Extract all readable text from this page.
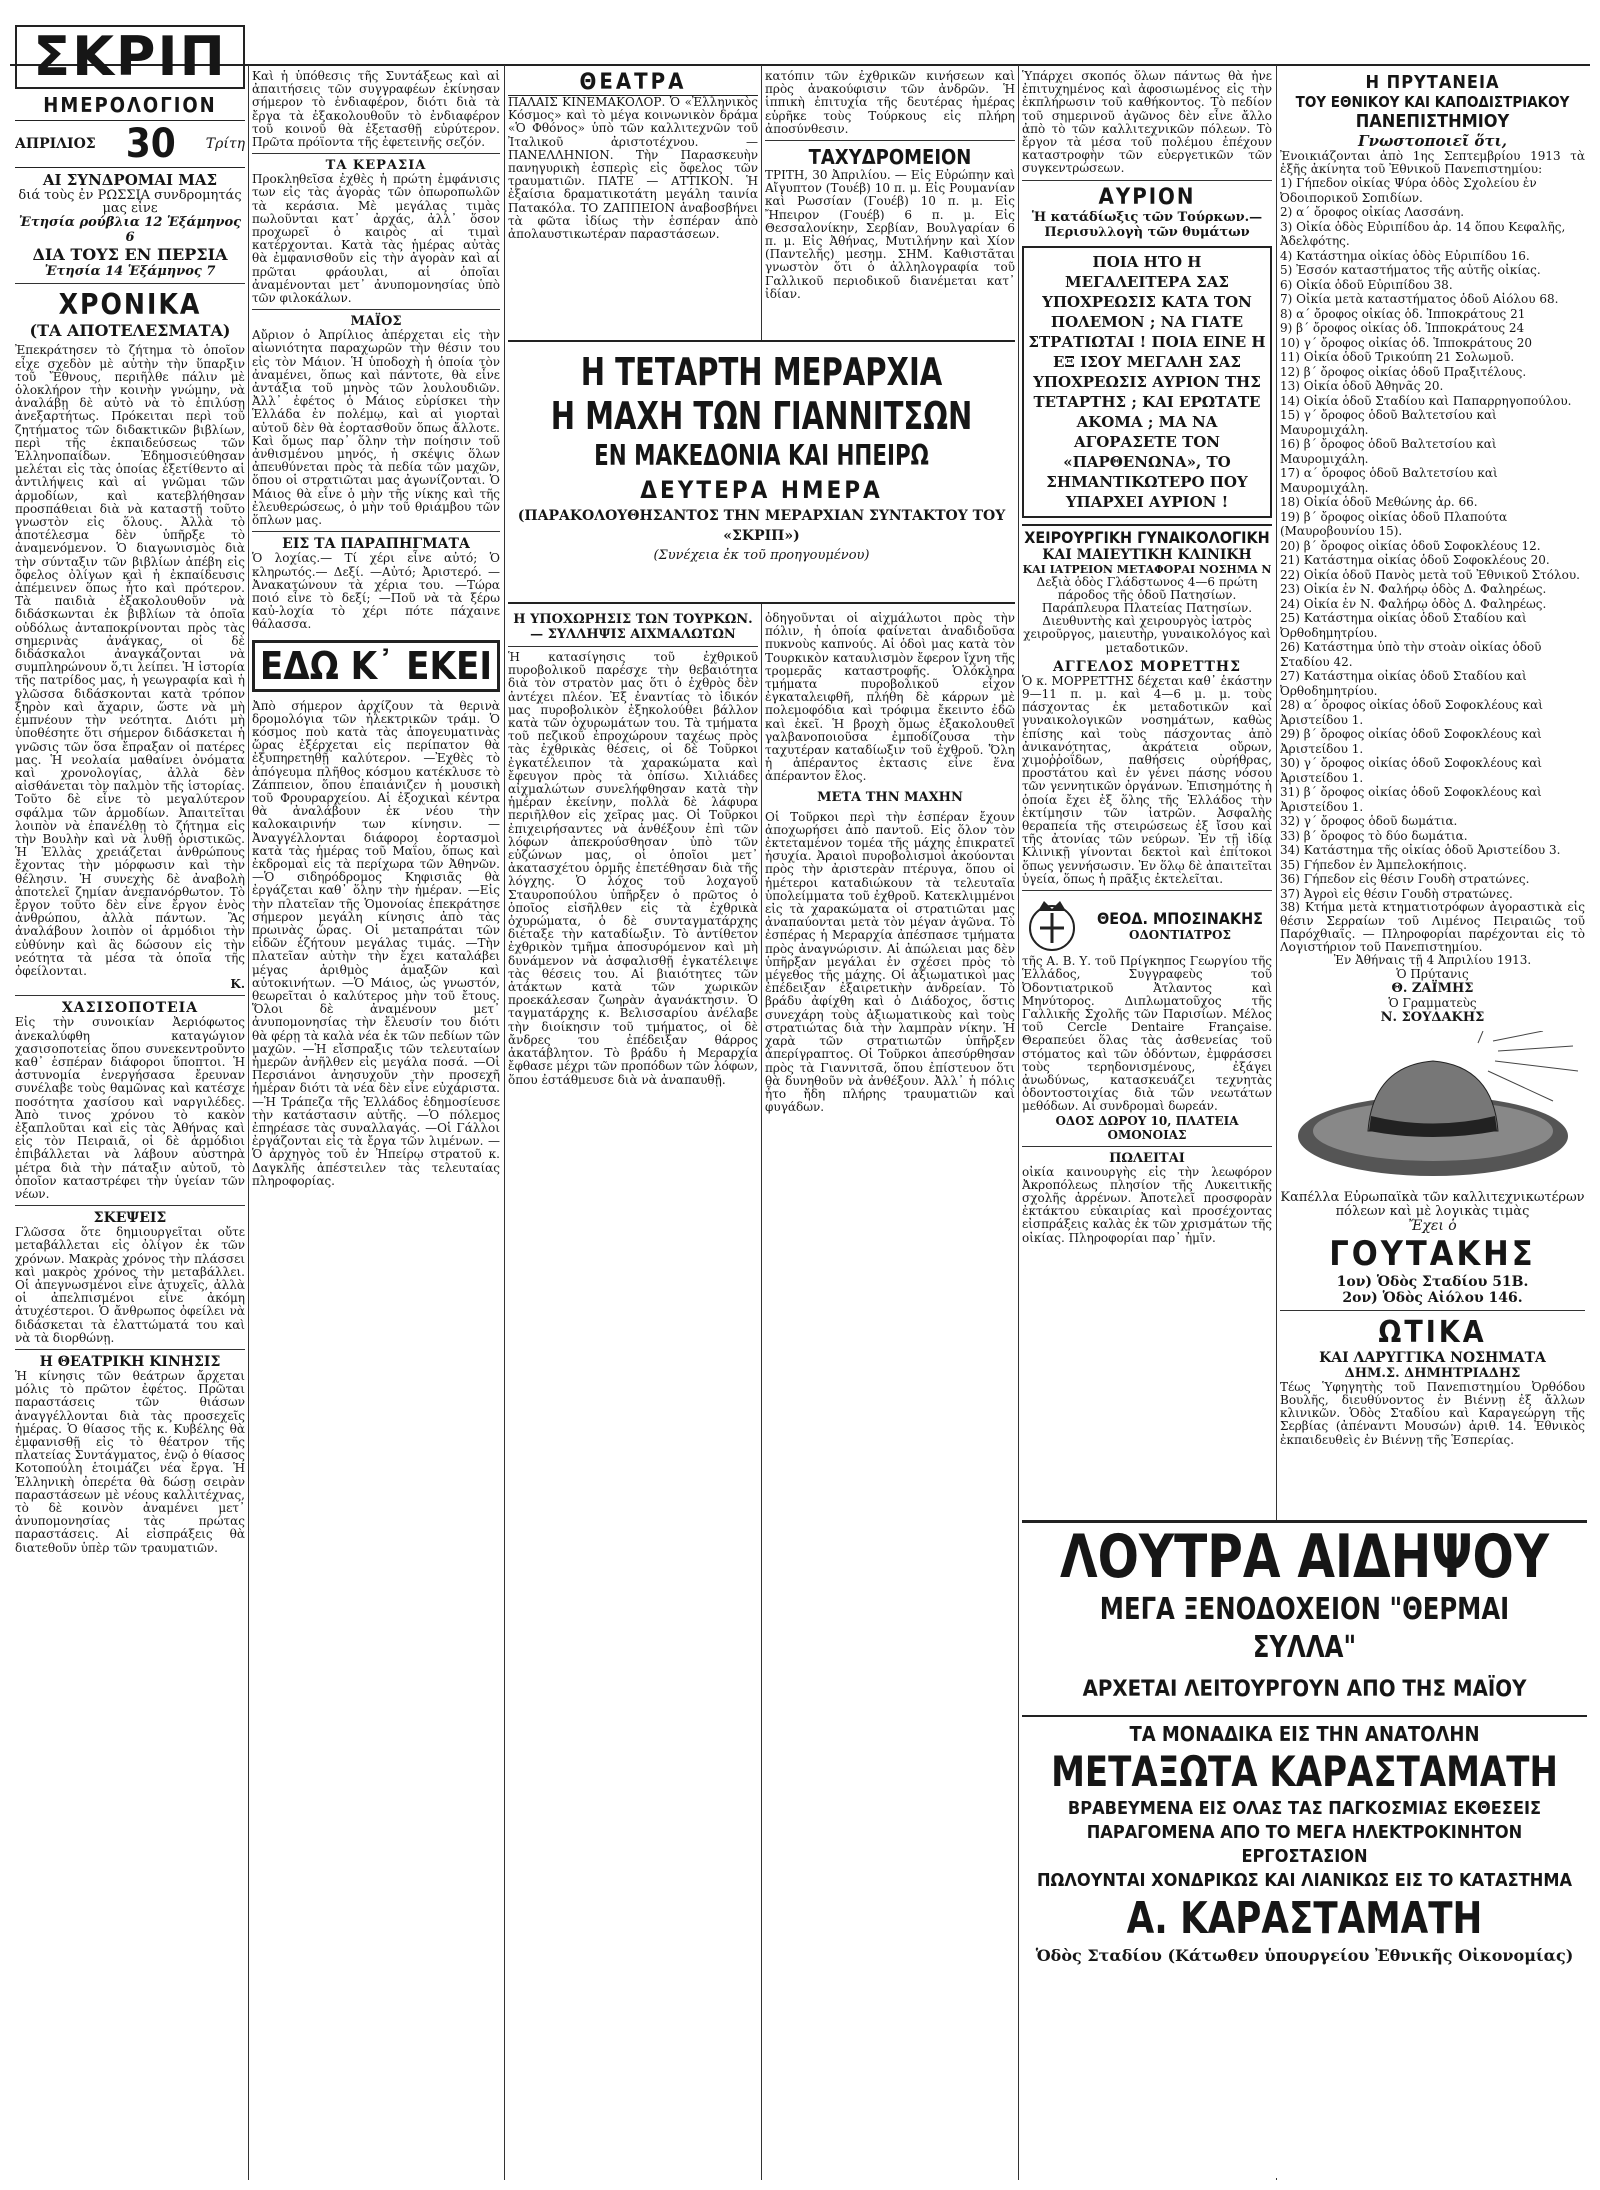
ΣΚΡΙΠ

ΗΜΕΡΟΛΟΓΙΟΝ

ΑΠΡΙΛΙΟΣ 30 Τρίτη

ΑΙ ΣΥΝΔΡΟΜΑΙ ΜΑΣ

διά τοὺς ἐν ΡΩΣΣΙΑ συνδρομητάς μας εἶνε

Ἐτησία ρούβλια 12 Ἑξάμηνος 6

ΔΙΑ ΤΟΥΣ ΕΝ ΠΕΡΣΙΑ

Ἐτησία 14 Ἑξάμηνος 7

ΧΡΟΝΙΚΑ

(ΤΑ ΑΠΟΤΕΛΕΣΜΑΤΑ)

Ἐπεκράτησεν τὸ ζήτημα τὸ ὁποῖον εἶχε σχεδὸν μὲ αὐτὴν τὴν ὕπαρξιν τοῦ Ἔθνους, περιῆλθε πάλιν μὲ ὁλοκλήρον τὴν κοινὴν γνώμην, νὰ ἀναλάβῃ δὲ αὐτὸ νὰ τὸ ἐπιλύσῃ ἀνεξαρτήτως. Πρόκειται περὶ τοῦ ζητήματος τῶν διδακτικῶν βιβλίων, περὶ τῆς ἐκπαιδεύσεως τῶν Ἑλληνοπαίδων. Ἐδημοσιεύθησαν μελέται εἰς τὰς ὁποίας ἐξετίθεντο αἱ ἀντιλήψεις καὶ αἱ γνῶμαι τῶν ἁρμοδίων, καὶ κατεβλήθησαν προσπάθειαι διὰ νὰ καταστῇ τοῦτο γνωστὸν εἰς ὅλους. Ἀλλὰ τὸ ἀποτέλεσμα δὲν ὑπῆρξε τὸ ἀναμενόμενον. Ὁ διαγωνισμὸς διὰ τὴν σύνταξιν τῶν βιβλίων ἀπέβη εἰς ὄφελος ὀλίγων καὶ ἡ ἐκπαίδευσις ἀπέμεινεν ὅπως ἦτο καὶ πρότερον. Τὰ παιδιὰ ἐξακολουθοῦν νὰ διδάσκωνται ἐκ βιβλίων τὰ ὁποῖα οὐδόλως ἀνταποκρίνονται πρὸς τὰς σημερινὰς ἀνάγκας, οἱ δὲ διδάσκαλοι ἀναγκάζονται νὰ συμπληρώνουν ὅ,τι λείπει. Ἡ ἱστορία τῆς πατρίδος μας, ἡ γεωγραφία καὶ ἡ γλῶσσα διδάσκονται κατὰ τρόπον ξηρὸν καὶ ἄχαριν, ὥστε νὰ μὴ ἐμπνέουν τὴν νεότητα. Διότι μὴ ὑποθέσητε ὅτι σήμερον διδάσκεται ἡ γνῶσις τῶν ὅσα ἔπραξαν οἱ πατέρες μας. Ἡ νεολαία μαθαίνει ὀνόματα καὶ χρονολογίας, ἀλλὰ δὲν αἰσθάνεται τὸν παλμὸν τῆς ἱστορίας. Τοῦτο δὲ εἶνε τὸ μεγαλύτερον σφάλμα τῶν ἁρμοδίων. Ἀπαιτεῖται λοιπὸν νὰ ἐπανέλθῃ τὸ ζήτημα εἰς τὴν Βουλὴν καὶ νὰ λυθῇ ὁριστικῶς. Ἡ Ἑλλὰς χρειάζεται ἀνθρώπους ἔχοντας τὴν μόρφωσιν καὶ τὴν θέλησιν. Ἡ συνεχὴς δὲ ἀναβολὴ ἀποτελεῖ ζημίαν ἀνεπανόρθωτον. Τὸ ἔργον τοῦτο δὲν εἶνε ἔργον ἑνὸς ἀνθρώπου, ἀλλὰ πάντων. Ἂς ἀναλάβουν λοιπὸν οἱ ἁρμόδιοι τὴν εὐθύνην καὶ ἂς δώσουν εἰς τὴν νεότητα τὰ μέσα τὰ ὁποῖα τῆς ὀφείλονται.

Κ.

ΧΑΣΙΣΟΠΟΤΕΙΑ

Εἰς τὴν συνοικίαν Ἀεριόφωτος ἀνεκαλύφθη καταγώγιον χασισοποτείας ὅπου συνεκεντροῦντο καθ᾿ ἑσπέραν διάφοροι ὕποπτοι. Ἡ ἀστυνομία ἐνεργήσασα ἔρευναν συνέλαβε τοὺς θαμῶνας καὶ κατέσχε ποσότητα χασίσου καὶ ναργιλέδες. Ἀπὸ τινος χρόνου τὸ κακὸν ἐξαπλοῦται καὶ εἰς τὰς Ἀθήνας καὶ εἰς τὸν Πειραιᾶ, οἱ δὲ ἁρμόδιοι ἐπιβάλλεται νὰ λάβουν αὐστηρὰ μέτρα διὰ τὴν πάταξιν αὐτοῦ, τὸ ὁποῖον καταστρέφει τὴν ὑγείαν τῶν νέων.

ΣΚΕΨΕΙΣ

Γλῶσσα ὅτε δημιουργεῖται οὔτε μεταβάλλεται εἰς ὀλίγον ἐκ τῶν χρόνων. Μακρὰς χρόνος τὴν πλάσσει καὶ μακρὸς χρόνος τὴν μεταβάλλει. Οἱ ἀπεγνωσμένοι εἶνε ἀτυχεῖς, ἀλλὰ οἱ ἀπελπισμένοι εἶνε ἀκόμη ἀτυχέστεροι. Ὁ ἄνθρωπος ὀφείλει νὰ διδάσκεται τὰ ἐλαττώματά του καὶ νὰ τὰ διορθώνῃ.

Η ΘΕΑΤΡΙΚΗ ΚΙΝΗΣΙΣ

Ἡ κίνησις τῶν θεάτρων ἄρχεται μόλις τὸ πρῶτον ἐφέτος. Πρῶται παραστάσεις τῶν θιάσων ἀναγγέλλονται διὰ τὰς προσεχεῖς ἡμέρας. Ὁ θίασος τῆς κ. Κυβέλης θὰ ἐμφανισθῇ εἰς τὸ θέατρον τῆς πλατείας Συντάγματος, ἐνῷ ὁ θίασος Κοτοπούλη ἑτοιμάζει νέα ἔργα. Ἡ Ἑλληνικὴ ὀπερέτα θὰ δώσῃ σειρὰν παραστάσεων μὲ νέους καλλιτέχνας, τὸ δὲ κοινὸν ἀναμένει μετ᾿ ἀνυπομονησίας τὰς πρώτας παραστάσεις. Αἱ εἰσπράξεις θὰ διατεθοῦν ὑπὲρ τῶν τραυματιῶν.

Καὶ ἡ ὑπόθεσις τῆς Συντάξεως καὶ αἱ ἀπαιτήσεις τῶν συγγραφέων ἐκίνησαν σήμερον τὸ ἐνδιαφέρον, διότι διὰ τὰ ἔργα τὰ ἐξακολουθοῦν τὸ ἐνδιαφέρον τοῦ κοινοῦ θὰ ἐξετασθῇ εὐρύτερον. Πρῶτα πρόϊοντα τῆς ἐφετεινῆς σεζόν.

ΤΑ ΚΕΡΑΣΙΑ

Προκληθεῖσα ἐχθὲς ἡ πρώτη ἐμφάνισις των εἰς τὰς ἀγορὰς τῶν ὀπωροπωλῶν τὰ κεράσια. Μὲ μεγάλας τιμὰς πωλοῦνται κατ᾿ ἀρχάς, ἀλλ᾿ ὅσον προχωρεῖ ὁ καιρὸς αἱ τιμαὶ κατέρχονται. Κατὰ τὰς ἡμέρας αὐτὰς θὰ ἐμφανισθοῦν εἰς τὴν ἀγορὰν καὶ αἱ πρῶται φράουλαι, αἱ ὁποῖαι ἀναμένονται μετ᾿ ἀνυπομονησίας ὑπὸ τῶν φιλοκάλων.

ΜΑΪΟΣ

Αὔριον ὁ Ἀπρίλιος ἀπέρχεται εἰς τὴν αἰωνιότητα παραχωρῶν τὴν θέσιν του εἰς τὸν Μάιον. Ἡ ὑποδοχὴ ἡ ὁποία τὸν ἀναμένει, ὅπως καὶ πάντοτε, θὰ εἶνε ἀντάξια τοῦ μηνὸς τῶν λουλουδιῶν. Ἀλλ᾿ ἐφέτος ὁ Μάιος εὑρίσκει τὴν Ἑλλάδα ἐν πολέμῳ, καὶ αἱ γιορταὶ αὐτοῦ δὲν θὰ ἑορτασθοῦν ὅπως ἄλλοτε. Καὶ ὅμως παρ᾿ ὅλην τὴν ποίησιν τοῦ ἀνθισμένου μηνός, ἡ σκέψις ὅλων ἀπευθύνεται πρὸς τὰ πεδία τῶν μαχῶν, ὅπου οἱ στρατιῶται μας ἀγωνίζονται. Ὁ Μάιος θὰ εἶνε ὁ μὴν τῆς νίκης καὶ τῆς ἐλευθερώσεως, ὁ μὴν τοῦ θριάμβου τῶν ὅπλων μας.

ΕΙΣ ΤΑ ΠΑΡΑΠΗΓΜΑΤΑ

Ὁ λοχίας.— Τί χέρι εἶνε αὐτό; Ὁ κληρωτός.— Δεξί. —Αὐτό; Ἀριστερό. —Ἀνακατώνουν τὰ χέρια του. —Τώρα ποιό εἶνε τὸ δεξί; —Ποῦ νὰ τὰ ξέρω καὐ-λοχία τὸ χέρι πότε πάχαινε θάλασσα.

ΕΔΩ Κ᾿ ΕΚΕΙ

Ἀπὸ σήμερον ἀρχίζουν τὰ θερινὰ δρομολόγια τῶν ἠλεκτρικῶν τράμ. Ὁ κόσμος ποὺ κατὰ τὰς ἀπογευματινὰς ὥρας ἐξέρχεται εἰς περίπατον θὰ ἐξυπηρετηθῇ καλύτερον. —Ἐχθὲς τὸ ἀπόγευμα πλῆθος κόσμου κατέκλυσε τὸ Ζάππειον, ὅπου ἐπαιάνιζεν ἡ μουσικὴ τοῦ Φρουραρχείου. Αἱ ἐξοχικαὶ κέντρα θὰ ἀναλάβουν ἐκ νέου τὴν καλοκαιρινήν των κίνησιν. —Ἀναγγέλλονται διάφοροι ἐορτασμοὶ κατὰ τὰς ἡμέρας τοῦ Μαΐου, ὅπως καὶ ἐκδρομαὶ εἰς τὰ περίχωρα τῶν Ἀθηνῶν. —Ὁ σιδηρόδρομος Κηφισιᾶς θὰ ἐργάζεται καθ᾿ ὅλην τὴν ἡμέραν. —Εἰς τὴν πλατεῖαν τῆς Ὁμονοίας ἐπεκράτησε σήμερον μεγάλη κίνησις ἀπὸ τὰς πρωινὰς ὥρας. Οἱ μεταπράται τῶν εἰδῶν ἐζήτουν μεγάλας τιμάς. —Τὴν πλατεῖαν αὐτὴν τὴν ἔχει καταλάβει μέγας ἀριθμὸς ἁμαξῶν καὶ αὐτοκινήτων. —Ὁ Μάιος, ὡς γνωστόν, θεωρεῖται ὁ καλύτερος μὴν τοῦ ἔτους. Ὅλοι δὲ ἀναμένουν μετ᾿ ἀνυπομονησίας τὴν ἔλευσίν του διότι θὰ φέρῃ τὰ καλὰ νέα ἐκ τῶν πεδίων τῶν μαχῶν. —Ἡ εἴσπραξις τῶν τελευταίων ἡμερῶν ἀνῆλθεν εἰς μεγάλα ποσά. —Οἱ Περσιάνοι ἀνησυχοῦν τὴν προσεχῆ ἡμέραν διότι τὰ νέα δὲν εἶνε εὐχάριστα. —Ἡ Τράπεζα τῆς Ἑλλάδος ἐδημοσίευσε τὴν κατάστασιν αὐτῆς. —Ὁ πόλεμος ἐπηρέασε τὰς συναλλαγάς. —Οἱ Γάλλοι ἐργάζονται εἰς τὰ ἔργα τῶν λιμένων. —Ὁ ἀρχηγὸς τοῦ ἐν Ἠπείρῳ στρατοῦ κ. Δαγκλῆς ἀπέστειλεν τὰς τελευταίας πληροφορίας.

ΘΕΑΤΡΑ

ΠΑΛΑΙΣ ΚΙΝΕΜΑΚΟΛΟΡ. Ὁ «Ἐλληνικὸς Κόσμος» καὶ τὸ μέγα κοινωνικὸν δράμα «Ὁ Φθόνος» ὑπὸ τῶν καλλιτεχνῶν τοῦ Ἰταλικοῦ ἀριστοτέχνου. —ΠΑΝΕΛΛΗΝΙΟΝ. Τὴν Παρασκευὴν πανηγυρικὴ ἑσπερὶς εἰς ὄφελος τῶν τραυματιῶν. ΠΑΤΕ — ΑΤΤΙΚΟΝ. Ἡ ἐξαίσια δραματικοτάτη μεγάλη ταινία Πατακόλα. ΤΟ ΖΑΠΠΕΙΟΝ ἀναβοσβήνει τὰ φῶτα ἰδίως τὴν ἑσπέραν ἀπὸ ἀπολαυστικωτέραν παραστάσεων.

κατόπιν τῶν ἐχθρικῶν κινήσεων καὶ πρὸς ἀνακούφισιν τῶν ἀνδρῶν. Ἡ ἱππικὴ ἐπιτυχία τῆς δευτέρας ἡμέρας εὑρῆκε τοὺς Τούρκους εἰς πλήρη ἀποσύνθεσιν.

ΤΑΧΥΔΡΟΜΕΙΟΝ

ΤΡΙΤΗ, 30 Ἀπριλίου. — Εἰς Εὐρώπην καὶ Αἴγυπτον (Τουέβ) 10 π. μ. Εἰς Ρουμανίαν καὶ Ρωσσίαν (Γουέβ) 10 π. μ. Εἰς Ἤπειρον (Γουέβ) 6 π. μ. Εἰς Θεσσαλονίκην, Σερβίαν, Βουλγαρίαν 6 π. μ. Εἰς Ἀθήνας, Μυτιλήνην καὶ Χίον (Παντελῆς) μεσημ. ΣΗΜ. Καθιστᾶται γνωστὸν ὅτι ὁ ἀλληλογραφία τοῦ Γαλλικοῦ περιοδικοῦ διανέμεται κατ᾿ ἰδίαν.

Η ΤΕΤΑΡΤΗ ΜΕΡΑΡΧΙΑ

Η ΜΑΧΗ ΤΩΝ ΓΙΑΝΝΙΤΣΩΝ

ΕΝ ΜΑΚΕΔΟΝΙΑ ΚΑΙ ΗΠΕΙΡΩ

ΔΕΥΤΕΡΑ ΗΜΕΡΑ

(ΠΑΡΑΚΟΛΟΥΘΗΣΑΝΤΟΣ ΤΗΝ ΜΕΡΑΡΧΙΑΝ ΣΥΝΤΑΚΤΟΥ ΤΟΥ «ΣΚΡΙΠ»)

(Συνέχεια ἐκ τοῦ προηγουμένου)

Η ΥΠΟΧΩΡΗΣΙΣ ΤΩΝ ΤΟΥΡΚΩΝ.— ΣΥΛΛΗΨΙΣ ΑΙΧΜΑΛΩΤΩΝ

Ἡ κατασίγησις τοῦ ἐχθρικοῦ πυροβολικοῦ παρέσχε τὴν θεβαιότητα διὰ τὸν στρατὸν μας ὅτι ὁ ἐχθρὸς δὲν ἀντέχει πλέον. Ἐξ ἐναντίας τὸ ἰδικόν μας πυροβολικὸν ἐξηκολούθει βάλλον κατὰ τῶν ὀχυρωμάτων του. Τὰ τμήματα τοῦ πεζικοῦ ἐπροχώρουν ταχέως πρὸς τὰς ἐχθρικὰς θέσεις, οἱ δὲ Τοῦρκοι ἐγκατέλειπον τὰ χαρακώματα καὶ ἔφευγον πρὸς τὰ ὀπίσω. Χιλιάδες αἰχμαλώτων συνελήφθησαν κατὰ τὴν ἡμέραν ἐκείνην, πολλὰ δὲ λάφυρα περιῆλθον εἰς χεῖρας μας. Οἱ Τοῦρκοι ἐπιχειρήσαντες νὰ ἀνθέξουν ἐπὶ τῶν λόφων ἀπεκρούσθησαν ὑπὸ τῶν εὐζώνων μας, οἱ ὁποῖοι μετ᾿ ἀκατασχέτου ὁρμῆς ἐπετέθησαν διὰ τῆς λόγχης. Ὁ λόχος τοῦ λοχαγοῦ Σταυροπούλου ὑπῆρξεν ὁ πρῶτος ὁ ὁποῖος εἰσῆλθεν εἰς τὰ ἐχθρικὰ ὀχυρώματα, ὁ δὲ συνταγματάρχης διέταξε τὴν καταδίωξιν. Τὸ ἀντίθετον ἐχθρικὸν τμῆμα ἀποσυρόμενον καὶ μὴ δυνάμενον νὰ ἀσφαλισθῇ ἐγκατέλειψε τὰς θέσεις του. Αἱ βιαιότητες τῶν ἀτάκτων κατὰ τῶν χωρικῶν προεκάλεσαν ζωηρὰν ἀγανάκτησιν. Ὁ ταγματάρχης κ. Βελισσαρίου ἀνέλαβε τὴν διοίκησιν τοῦ τμήματος, οἱ δὲ ἄνδρες του ἐπέδειξαν θάρρος ἀκατάβλητον. Τὸ βράδυ ἡ Μεραρχία ἔφθασε μέχρι τῶν προπόδων τῶν λόφων, ὅπου ἐστάθμευσε διὰ νὰ ἀναπαυθῇ.

ὀδηγοῦνται οἱ αἰχμάλωτοι πρὸς τὴν πόλιν, ἡ ὁποία φαίνεται ἀναδιδοῦσα πυκνοὺς καπνούς. Αἱ ὁδοὶ μας κατὰ τὸν Τουρκικὸν καταυλισμὸν ἔφερον ἴχνη τῆς τρομερᾶς καταστροφῆς. Ὁλόκληρα τμήματα πυροβολικοῦ εἶχον ἐγκαταλειφθῆ, πλήθη δὲ κάρρων μὲ πολεμοφόδια καὶ τρόφιμα ἔκειντο ἐδῶ καὶ ἐκεῖ. Ἡ βροχὴ ὅμως ἐξακολουθεῖ γαλβανοποιοῦσα ἐμποδίζουσα τὴν ταχυτέραν καταδίωξιν τοῦ ἐχθροῦ. Ὅλη ἡ ἀπέραντος ἐκτασις εἶνε ἕνα ἀπέραντον ἔλος.

ΜΕΤΑ ΤΗΝ ΜΑΧΗΝ

Οἱ Τοῦρκοι περὶ τὴν ἑσπέραν ἔχουν ἀποχωρήσει ἀπὸ παντοῦ. Εἰς ὅλον τὸν ἐκτεταμένον τομέα τῆς μάχης ἐπικρατεῖ ἡσυχία. Ἀραιοὶ πυροβολισμοὶ ἀκούονται πρὸς τὴν ἀριστερὰν πτέρυγα, ὅπου οἱ ἡμέτεροι καταδιώκουν τὰ τελευταῖα ὑπολείμματα τοῦ ἐχθροῦ. Κατεκλιμμένοι εἰς τὰ χαρακώματα οἱ στρατιῶται μας ἀναπαύονται μετὰ τὸν μέγαν ἀγῶνα. Τὸ ἐσπέρας ἡ Μεραρχία ἀπέσπασε τμήματα πρὸς ἀναγνώρισιν. Αἱ ἀπώλειαι μας δὲν ὑπῆρξαν μεγάλαι ἐν σχέσει πρὸς τὸ μέγεθος τῆς μάχης. Οἱ ἀξιωματικοὶ μας ἐπέδειξαν ἐξαιρετικὴν ἀνδρείαν. Τὸ βράδυ ἀφίχθη καὶ ὁ Διάδοχος, ὅστις συνεχάρη τοὺς ἀξιωματικοὺς καὶ τοὺς στρατιώτας διὰ τὴν λαμπρὰν νίκην. Ἡ χαρὰ τῶν στρατιωτῶν ὑπῆρξεν ἀπερίγραπτος. Οἱ Τοῦρκοι ἀπεσύρθησαν πρὸς τὰ Γιαννιτσᾶ, ὅπου ἐπίστευον ὅτι θὰ δυνηθοῦν νὰ ἀνθέξουν. Ἀλλ᾿ ἡ πόλις ἦτο ἤδη πλήρης τραυματιῶν καὶ φυγάδων.

Ὑπάρχει σκοπός ὅλων πάντως θὰ ἦνε ἐπιτυχημένος καὶ ἀφοσιωμένος εἰς τὴν ἐκπλήρωσιν τοῦ καθήκοντος. Τὸ πεδίον τοῦ σημερινοῦ ἀγῶνος δὲν εἶνε ἄλλο ἀπὸ τὸ τῶν καλλιτεχνικῶν πόλεων. Τὸ ἔργον τὰ μέσα τοῦ πολέμου ἐπέχουν καταστροφὴν τῶν εὐεργετικῶν τῶν συγκεντρώσεων.

ΑΥΡΙΟΝ

Ἡ κατάδίωξις τῶν Τούρκων.— Περισυλλογὴ τῶν θυμάτων

ΠΟΙΑ ΗΤΟ Η ΜΕΓΑΛΕΙΤΕΡΑ ΣΑΣ ΥΠΟΧΡΕΩΣΙΣ ΚΑΤΑ ΤΟΝ ΠΟΛΕΜΟΝ ; ΝΑ ΓΙΑΤΕ ΣΤΡΑΤΙΩΤΑΙ ! ΠΟΙΑ ΕΙΝΕ Η ΕΞ ΙΣΟΥ ΜΕΓΑΛΗ ΣΑΣ ΥΠΟΧΡΕΩΣΙΣ ΑΥΡΙΟΝ ΤΗΣ ΤΕΤΑΡΤΗΣ ; ΚΑΙ ΕΡΩΤΑΤΕ ΑΚΟΜΑ ; ΜΑ ΝΑ ΑΓΟΡΑΣΕΤΕ ΤΟΝ «ΠΑΡΘΕΝΩΝΑ», ΤΟ ΣΗΜΑΝΤΙΚΩΤΕΡΟ ΠΟΥ ΥΠΑΡΧΕΙ ΑΥΡΙΟΝ !

ΧΕΙΡΟΥΡΓΙΚΗ ΓΥΝΑΙΚΟΛΟΓΙΚΗ

ΚΑΙ ΜΑΙΕΥΤΙΚΗ ΚΛΙΝΙΚΗ

ΚΑΙ ΙΑΤΡΕΙΟΝ ΜΕΤΑΦΟΡΑΙ ΝΟΣΗΜΑ Ν

Δεξιὰ ὁδὸς Γλάδστωνος 4—6 πρώτη πάροδος τῆς ὁδοῦ Πατησίων. Παράπλευρα Πλατείας Πατησίων. Διευθυντὴς καὶ χειρουργὸς ἰατρὸς χειροῦργος, μαιευτὴρ, γυναικολόγος καὶ μεταδοτικῶν.

ΑΓΓΕΛΟΣ ΜΟΡΕΤΤΗΣ

Ὁ κ. ΜΟΡΡΕΤΤΗΣ δέχεται καθ᾿ ἑκάστην 9—11 π. μ. καὶ 4—6 μ. μ. τοὺς πάσχοντας ἐκ μεταδοτικῶν καὶ γυναικολογικῶν νοσημάτων, καθὼς ἐπίσης καὶ τοὺς πάσχοντας ἀπὸ ἀνικανότητας, ἀκράτεια οὔρων, χιμοῤῥοΐδων, παθήσεις οὐρήθρας, προστάτου καὶ ἐν γένει πάσης νόσου τῶν γεννητικῶν ὀργάνων. Ἐπισημότης ἡ ὁποία ἔχει ἐξ ὅλης τῆς Ἑλλάδος τὴν ἐκτίμησιν τῶν ἰατρῶν. Ἀσφαλὴς θεραπεία τῆς στειρώσεως ἐξ ἴσου καὶ τῆς ἀτονίας τῶν νεύρων. Ἐν τῇ ἰδίᾳ Κλινικῇ γίνονται δεκτοὶ καὶ ἐπίτοκοι ὅπως γεννήσωσιν. Ἐν ὅλῳ δὲ ἀπαιτεῖται ὑγεία, ὅπως ἡ πρᾶξις ἐκτελεῖται.

ΘΕΟΔ. ΜΠΟΣΙΝΑΚΗΣ

ΟΔΟΝΤΙΑΤΡΟΣ

τῆς Α. Β. Υ. τοῦ Πρίγκηπος Γεωργίου τῆς Ἑλλάδος, Συγγραφεὺς τοῦ Ὀδοντιατρικοῦ Ἀτλαντος καὶ Μηνύτορος. Διπλωματοῦχος τῆς Γαλλικῆς Σχολῆς τῶν Παρισίων. Μέλος τοῦ Cercle Dentaire Française. Θεραπεύει ὅλας τὰς ἀσθενείας τοῦ στόματος καὶ τῶν ὀδόντων, ἐμφράσσει τοὺς τερηδονισμένους, ἐξάγει ἀνωδύνως, κατασκευάζει τεχνητὰς ὀδοντοστοιχίας διὰ τῶν νεωτάτων μεθόδων. Αἱ συνδρομαὶ δωρεάν.

ΟΔΟΣ ΔΩΡΟΥ 10, ΠΛΑΤΕΙΑ ΟΜΟΝΟΙΑΣ

ΠΩΛΕΙΤΑΙ

οἰκία καινουργὴς εἰς τὴν λεωφόρον Ἀκροπόλεως πλησίον τῆς Λυκειτικῆς σχολῆς ἀρρένων. Ἀποτελεῖ προσφορὰν ἐκτάκτου εὐκαιρίας καὶ προσέχοντας εἰσπράξεις καλὰς ἐκ τῶν χρισμάτων τῆς οἰκίας. Πληροφορίαι παρ᾿ ἡμῖν.

Η ΠΡΥΤΑΝΕΙΑ

ΤΟΥ ΕΘΝΙΚΟΥ ΚΑΙ ΚΑΠΟΔΙΣΤΡΙΑΚΟΥ

ΠΑΝΕΠΙΣΤΗΜΙΟΥ

Γνωστοποιεῖ ὅτι,

Ἐνοικιάζονται ἀπὸ 1ης Σεπτεμβρίου 1913 τὰ ἑξῆς ἀκίνητα τοῦ Ἐθνικοῦ Πανεπιστημίου:

1) Γήπεδον οἰκίας Ψύρα ὁδὸς Σχολείου ἐν Ὀδοιπορικοῦ Σοπιδίων.

2) α΄ ὄροφος οἰκίας Λασσάνη.

3) Οἰκία ὁδὸς Εὐριπίδου ἀρ. 14 ὅπου Κεφαλῆς, Ἀδελφότης.

4) Κατάστημα οἰκίας ὁδὸς Εὐριπίδου 16.

5) Ἐσσόν καταστήματος τῆς αὐτῆς οἰκίας.

6) Οἰκία ὁδοῦ Εὐριπίδου 38.

7) Οἰκία μετὰ καταστήματος ὁδοῦ Αἰόλου 68.

8) α΄ ὄροφος οἰκίας ὁδ. Ἱπποκράτους 21

9) β΄ ὄροφος οἰκίας ὁδ. Ἱπποκράτους 24

10) γ΄ ὄροφος οἰκίας ὁδ. Ἱπποκράτους 20

11) Οἰκία ὁδοῦ Τρικούπη 21 Σολωμοῦ.

12) β΄ ὄροφος οἰκίας ὁδοῦ Πραξιτέλους.

13) Οἰκία ὁδοῦ Ἀθηνᾶς 20.

14) Οἰκία ὁδοῦ Σταδίου καὶ Παπαρρηγοπούλου.

15) γ΄ ὄροφος ὁδοῦ Βαλτετσίου καὶ Μαυρομιχάλη.

16) β΄ ὄροφος ὁδοῦ Βαλτετσίου καὶ Μαυρομιχάλη.

17) α΄ ὄροφος ὁδοῦ Βαλτετσίου καὶ Μαυρομιχάλη.

18) Οἰκία ὁδοῦ Μεθώνης ἀρ. 66.

19) β΄ ὄροφος οἰκίας ὁδοῦ Πλαπούτα (Μαυροβουνίου 15).

20) β΄ ὄροφος οἰκίας ὁδοῦ Σοφοκλέους 12.

21) Κατάστημα οἰκίας ὁδοῦ Σοφοκλέους 20.

22) Οἰκία ὁδοῦ Πανὸς μετὰ τοῦ Ἐθνικοῦ Στόλου.

23) Οἰκία ἐν Ν. Φαλήρῳ ὁδὸς Δ. Φαληρέως.

24) Οἰκία ἐν Ν. Φαλήρῳ ὁδὸς Δ. Φαληρέως.

25) Κατάστημα οἰκίας ὁδοῦ Σταδίου καὶ Ὀρθοδημητρίου.

26) Κατάστημα ὑπὸ τὴν στοὰν οἰκίας ὁδοῦ Σταδίου 42.

27) Κατάστημα οἰκίας ὁδοῦ Σταδίου καὶ Ὀρθοδημητρίου.

28) α΄ ὄροφος οἰκίας ὁδοῦ Σοφοκλέους καὶ Ἀριστείδου 1.

29) β΄ ὄροφος οἰκίας ὁδοῦ Σοφοκλέους καὶ Ἀριστείδου 1.

30) γ΄ ὄροφος οἰκίας ὁδοῦ Σοφοκλέους καὶ Ἀριστείδου 1.

31) β΄ ὄροφος οἰκίας ὁδοῦ Σοφοκλέους καὶ Ἀριστείδου 1.

32) γ΄ ὄροφος ὁδοῦ δωμάτια.

33) β΄ ὄροφος τὸ δύο δωμάτια.

34) Κατάστημα τῆς οἰκίας ὁδοῦ Ἀριστείδου 3.

35) Γήπεδον ἐν Ἀμπελοκήποις.

36) Γήπεδον εἰς θέσιν Γουδὴ στρατώνες.

37) Ἀγροὶ εἰς θέσιν Γουδὴ στρατώνες.

38) Κτήμα μετὰ κτηματιοτρόφων ἀγοραστικὰ εἰς θέσιν Σερραίων τοῦ Λιμένος Πειραιῶς τοῦ Παρόχθιαῖς. — Πληροφορίαι παρέχονται εἰς τὸ Λογιστήριον τοῦ Πανεπιστημίου.

Ἐν Ἀθήναις τῇ 4 Ἀπριλίου 1913.

Ὁ Πρύτανις

Θ. ΖΑΪΜΗΣ

Ὁ Γραμματεὺς

Ν. ΣΟΥΔΑΚΗΣ

Καπέλλα Εὐρωπαϊκὰ τῶν καλλιτεχνικωτέρων πόλεων καὶ μὲ λογικὰς τιμὰς

Ἔχει ὁ

ΓΟΥΤΑΚΗΣ

1ον) Ὁδὸς Σταδίου 51Β.

2ον) Ὁδὸς Αἰόλου 146.

ΩΤΙΚΑ

ΚΑΙ ΛΑΡΥΓΓΙΚΑ ΝΟΣΗΜΑΤΑ

ΔΗΜ.Σ. ΔΗΜΗΤΡΙΑΔΗΣ

Τέως Ὑφηγητὴς τοῦ Πανεπιστημίου Ὀρθόδου Βουλῆς, διευθύνοντος ἐν Βιέννῃ ἐξ ἄλλων κλινικῶν. Ὁδὸς Σταδίου καὶ Καραγεώργη τῆς Σερβίας (ἀπέναντι Μουσών) ἀριθ. 14. Ἐθνικὸς ἐκπαιδευθεὶς ἐν Βιέννῃ τῆς Ἑσπερίας.

ΛΟΥΤΡΑ ΑΙΔΗΨΟΥ

ΜΕΓΑ ΞΕΝΟΔΟΧΕΙΟΝ "ΘΕΡΜΑΙ ΣΥΛΛΑ"

ΑΡΧΕΤΑΙ ΛΕΙΤΟΥΡΓΟΥΝ ΑΠΟ ΤΗΣ ΜΑΪΟΥ

ΤΑ ΜΟΝΑΔΙΚΑ ΕΙΣ ΤΗΝ ΑΝΑΤΟΛΗΝ

ΜΕΤΑΞΩΤΑ ΚΑΡΑΣΤΑΜΑΤΗ

ΒΡΑΒΕΥΜΕΝΑ ΕΙΣ ΟΛΑΣ ΤΑΣ ΠΑΓΚΟΣΜΙΑΣ ΕΚΘΕΣΕΙΣ

ΠΑΡΑΓΟΜΕΝΑ ΑΠΟ ΤΟ ΜΕΓΑ ΗΛΕΚΤΡΟΚΙΝΗΤΟΝ ΕΡΓΟΣΤΑΣΙΟΝ

ΠΩΛΟΥΝΤΑΙ ΧΟΝΔΡΙΚΩΣ ΚΑΙ ΛΙΑΝΙΚΩΣ ΕΙΣ ΤΟ ΚΑΤΑΣΤΗΜΑ

Α. ΚΑΡΑΣΤΑΜΑΤΗ

Ὁδὸς Σταδίου (Κάτωθεν ὑπουργείου Ἐθνικῆς Οἰκονομίας)
